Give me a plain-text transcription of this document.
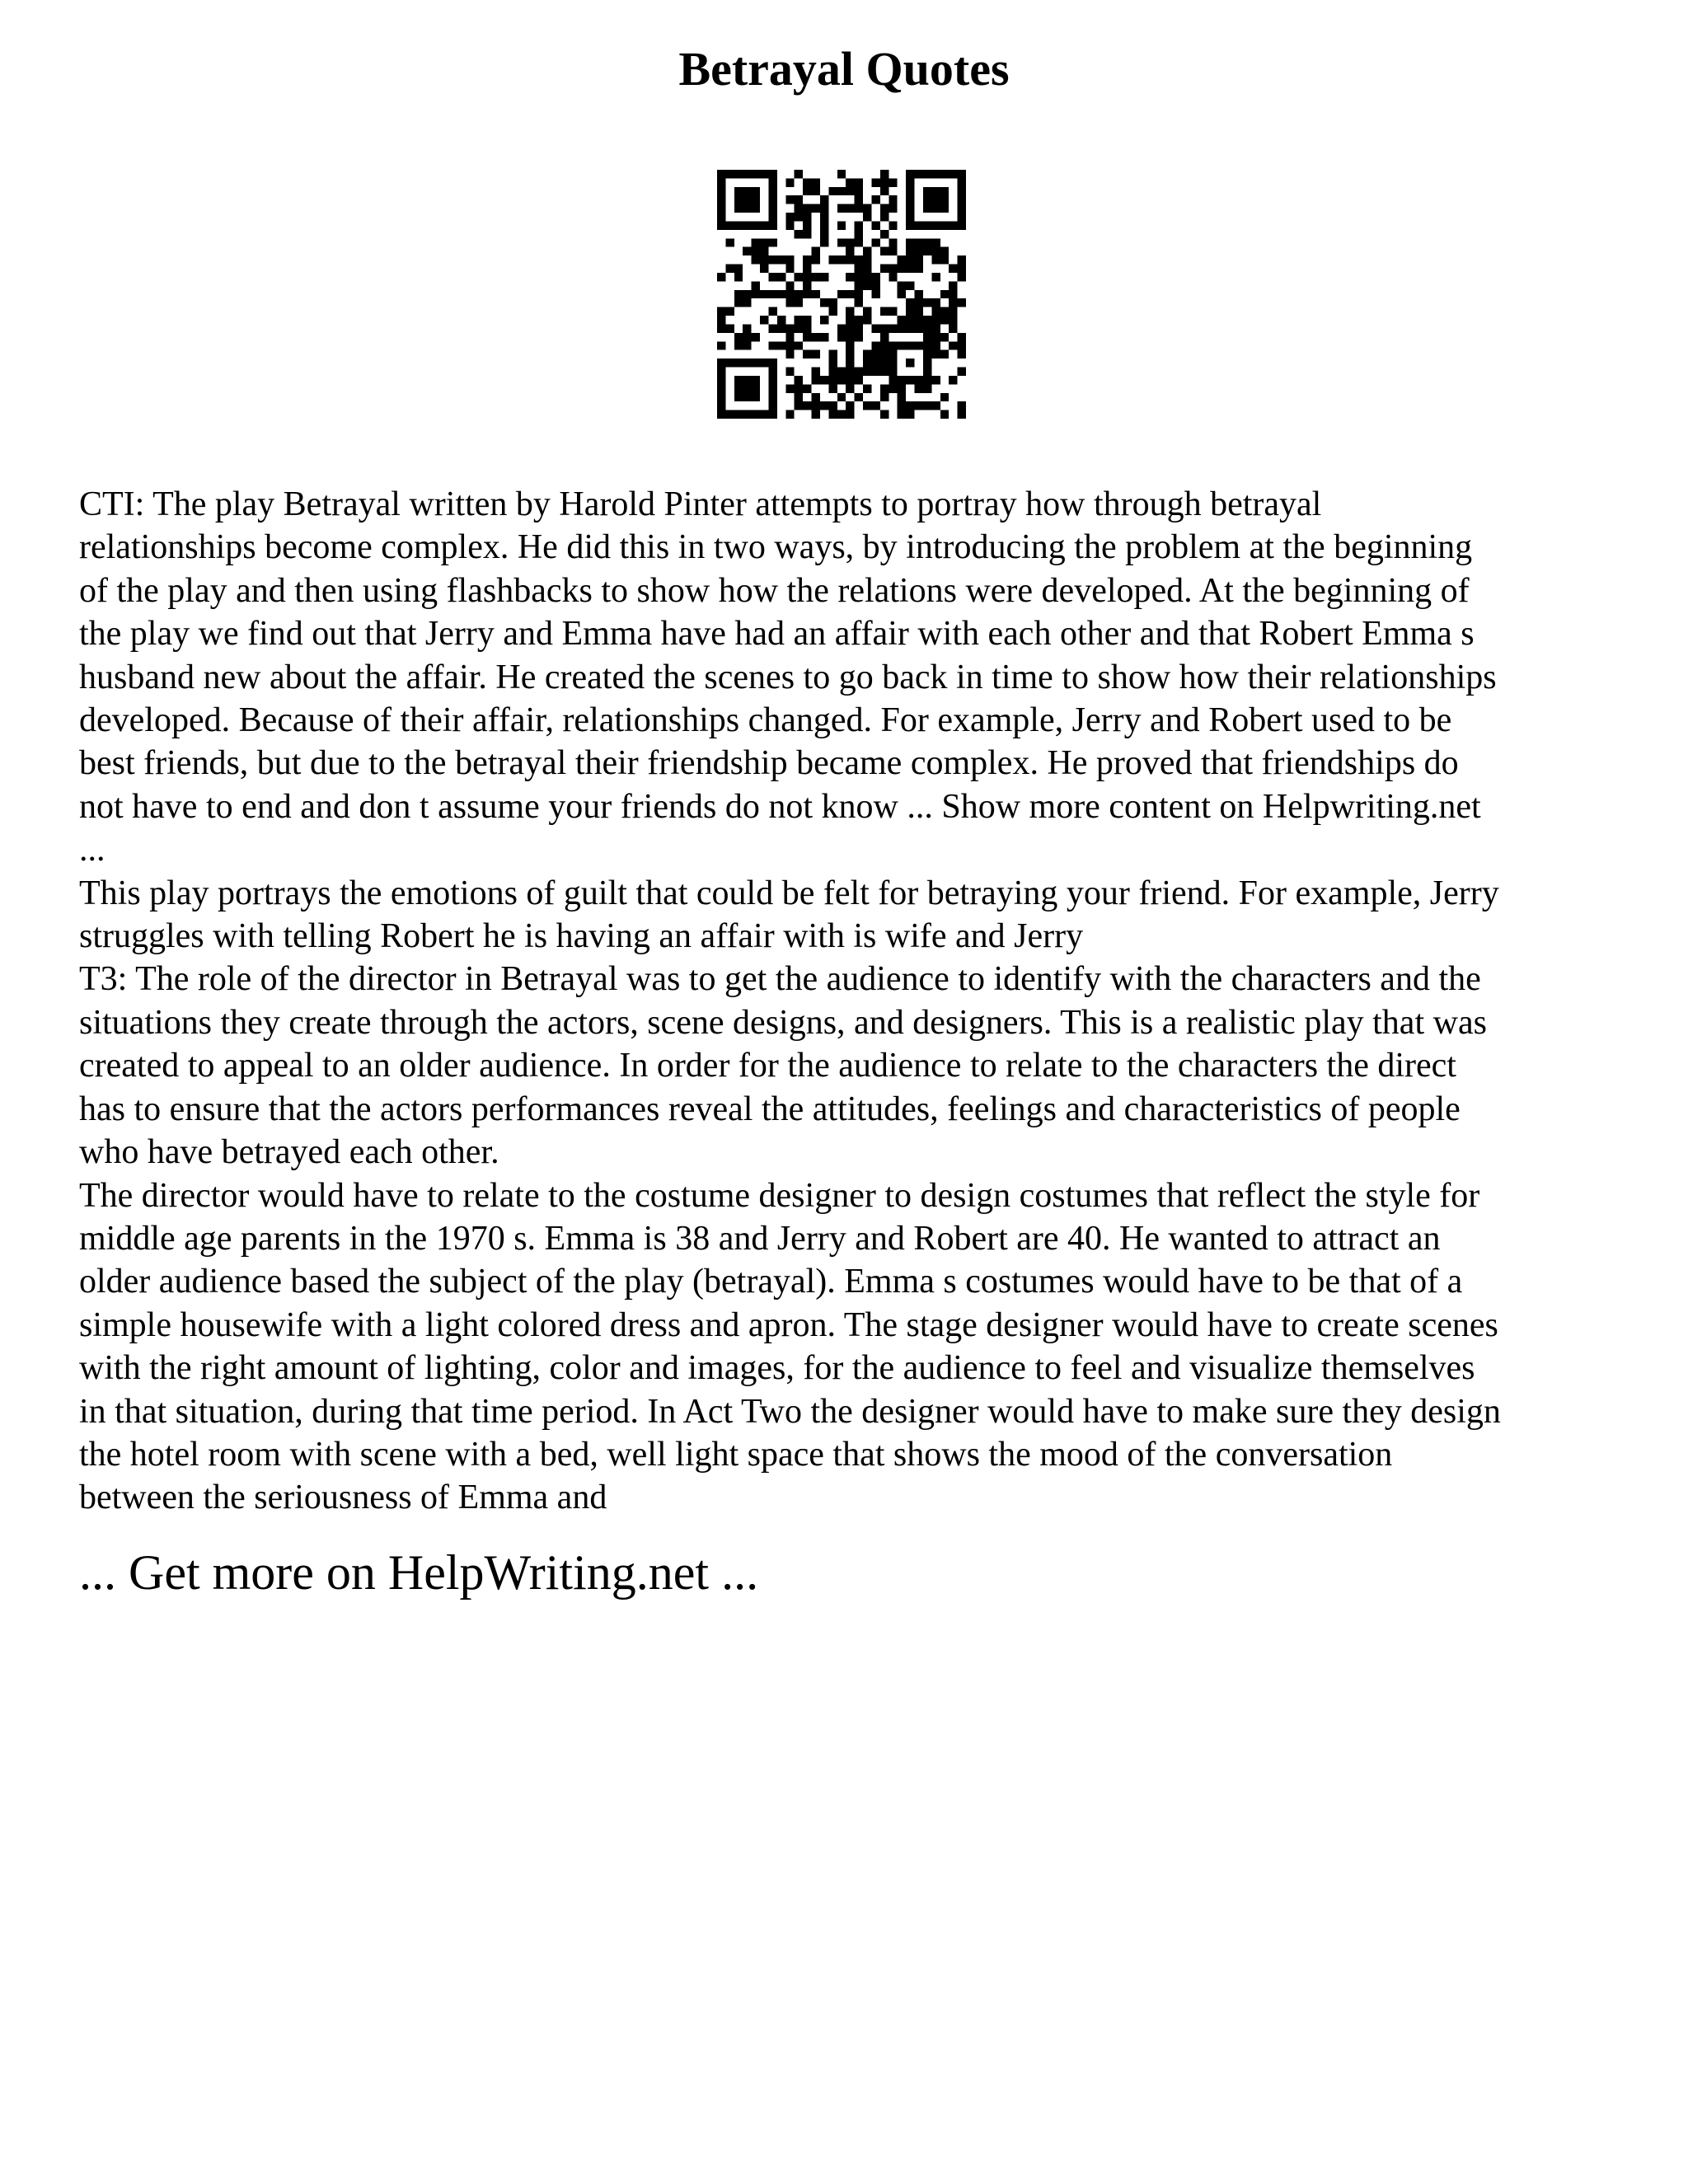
Betrayal Quotes
CTI: The play Betrayal written by Harold Pinter attempts to portray how through betrayal
relationships become complex. He did this in two ways, by introducing the problem at the beginning
of the play and then using flashbacks to show how the relations were developed. At the beginning of
the play we find out that Jerry and Emma have had an affair with each other and that Robert Emma s
husband new about the affair. He created the scenes to go back in time to show how their relationships
developed. Because of their affair, relationships changed. For example, Jerry and Robert used to be
best friends, but due to the betrayal their friendship became complex. He proved that friendships do
not have to end and don t assume your friends do not know ... Show more content on Helpwriting.net
...
This play portrays the emotions of guilt that could be felt for betraying your friend. For example, Jerry
struggles with telling Robert he is having an affair with is wife and Jerry
T3: The role of the director in Betrayal was to get the audience to identify with the characters and the
situations they create through the actors, scene designs, and designers. This is a realistic play that was
created to appeal to an older audience. In order for the audience to relate to the characters the direct
has to ensure that the actors performances reveal the attitudes, feelings and characteristics of people
who have betrayed each other.
The director would have to relate to the costume designer to design costumes that reflect the style for
middle age parents in the 1970 s. Emma is 38 and Jerry and Robert are 40. He wanted to attract an
older audience based the subject of the play (betrayal). Emma s costumes would have to be that of a
simple housewife with a light colored dress and apron. The stage designer would have to create scenes
with the right amount of lighting, color and images, for the audience to feel and visualize themselves
in that situation, during that time period. In Act Two the designer would have to make sure they design
the hotel room with scene with a bed, well light space that shows the mood of the conversation
between the seriousness of Emma and
... Get more on HelpWriting.net ...
